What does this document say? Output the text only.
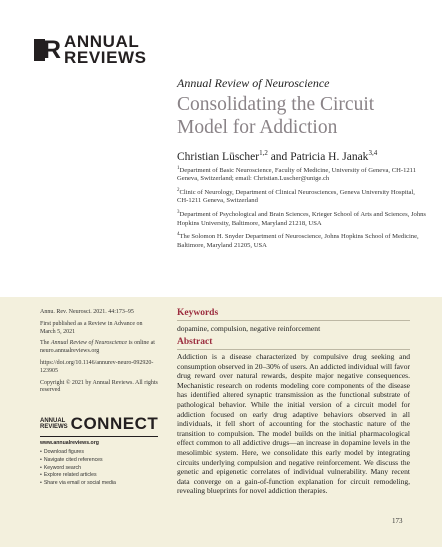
R ANNUAL
REVIEWS
Annual Review of Neuroscience
Consolidating the Circuit Model for Addiction
Christian Lüscher$^{1,2}$ and Patricia H. Janak$^{3,4}$
$^1$Department of Basic Neuroscience, Faculty of Medicine, University of Geneva, CH-1211 Geneva, Switzerland; email: Christian.Luscher@unige.ch
$^2$Clinic of Neurology, Department of Clinical Neurosciences, Geneva University Hospital, CH-1211 Geneva, Switzerland
$^3$Department of Psychological and Brain Sciences, Krieger School of Arts and Sciences, Johns Hopkins University, Baltimore, Maryland 21218, USA
$^4$The Solomon H. Snyder Department of Neuroscience, Johns Hopkins School of Medicine, Baltimore, Maryland 21205, USA

Annu. Rev. Neurosci. 2021. 44:173–95

First published as a Review in Advance on March 5, 2021

The Annual Review of Neuroscience is online at neuro.annualreviews.org

https://doi.org/10.1146/annurev-neuro-092920-123905

Copyright © 2021 by Annual Reviews. All rights reserved

ANNUAL
REVIEWS CONNECT
www.annualreviews.org
• Download figures
• Navigate cited references
• Keyword search
• Explore related articles
• Share via email or social media
Keywords
dopamine, compulsion, negative reinforcement
Abstract
Addiction is a disease characterized by compulsive drug seeking and consumption observed in 20–30% of users. An addicted individual will favor drug reward over natural rewards, despite major negative consequences. Mechanistic research on rodents modeling core components of the disease has identified altered synaptic transmission as the functional substrate of pathological behavior. While the initial version of a circuit model for addiction focused on early drug adaptive behaviors observed in all individuals, it fell short of accounting for the stochastic nature of the transition to compulsion. The model builds on the initial pharmacological effect common to all addictive drugs—an increase in dopamine levels in the mesolimbic system. Here, we consolidate this early model by integrating circuits underlying compulsion and negative reinforcement. We discuss the genetic and epigenetic correlates of individual vulnerability. Many recent data converge on a gain-of-function explanation for circuit remodeling, revealing blueprints for novel addiction therapies.
173
